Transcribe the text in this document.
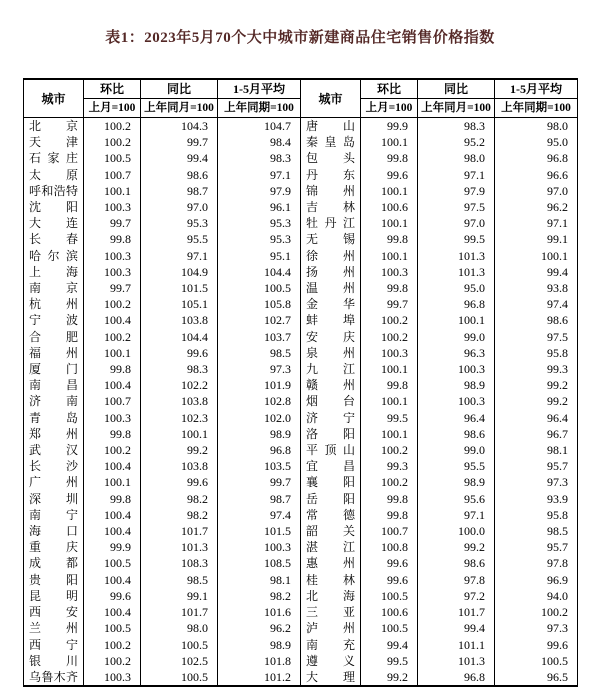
表1：2023年5月70个大中城市新建商品住宅销售价格指数
城市	环比	同比	1-5月平均	城市	环比	同比	1-5月平均
	上月=100	上年同月=100	上年同期=100		上月=100	上年同月=100	上年同期=100
北京	100.2	104.3	104.7	唐山	99.9	98.3	98.0
天津	100.2	99.7	98.4	秦皇岛	100.1	95.2	95.0
石家庄	100.5	99.4	98.3	包头	99.8	98.0	96.8
太原	100.7	98.6	97.1	丹东	99.6	97.1	96.6
呼和浩特	100.1	98.7	97.9	锦州	100.1	97.9	97.0
沈阳	100.3	97.0	96.1	吉林	100.6	97.5	96.2
大连	99.7	95.3	95.3	牡丹江	100.1	97.0	97.1
长春	99.8	95.5	95.3	无锡	99.8	99.5	99.1
哈尔滨	100.3	97.1	95.1	徐州	100.1	101.3	100.1
上海	100.3	104.9	104.4	扬州	100.3	101.3	99.4
南京	99.7	101.5	100.5	温州	99.8	95.0	93.8
杭州	100.2	105.1	105.8	金华	99.7	96.8	97.4
宁波	100.4	103.8	102.7	蚌埠	100.2	100.1	98.6
合肥	100.2	104.4	103.7	安庆	100.2	99.0	97.5
福州	100.1	99.6	98.5	泉州	100.3	96.3	95.8
厦门	99.8	98.3	97.3	九江	100.1	100.3	99.3
南昌	100.4	102.2	101.9	赣州	99.8	98.9	99.2
济南	100.7	103.8	102.8	烟台	100.1	100.3	99.2
青岛	100.3	102.3	102.0	济宁	99.5	96.4	96.4
郑州	99.8	100.1	98.9	洛阳	100.1	98.6	96.7
武汉	100.2	99.2	96.8	平顶山	100.2	99.0	98.1
长沙	100.4	103.8	103.5	宜昌	99.3	95.5	95.7
广州	100.1	99.6	99.7	襄阳	100.2	98.9	97.3
深圳	99.8	98.2	98.7	岳阳	99.8	95.6	93.9
南宁	100.4	98.2	97.4	常德	99.8	97.1	95.8
海口	100.4	101.7	101.5	韶关	100.7	100.0	98.5
重庆	99.9	101.3	100.3	湛江	100.8	99.2	95.7
成都	100.5	108.3	108.5	惠州	99.6	98.6	97.8
贵阳	100.4	98.5	98.1	桂林	99.6	97.8	96.9
昆明	99.6	99.1	98.2	北海	100.5	97.2	94.0
西安	100.4	101.7	101.6	三亚	100.6	101.7	100.2
兰州	100.5	98.0	96.2	泸州	100.5	99.4	97.3
西宁	100.2	100.5	98.9	南充	99.4	101.1	99.6
银川	100.2	102.5	101.8	遵义	99.5	101.3	100.5
乌鲁木齐	100.3	100.5	101.2	大理	99.2	96.8	96.5
